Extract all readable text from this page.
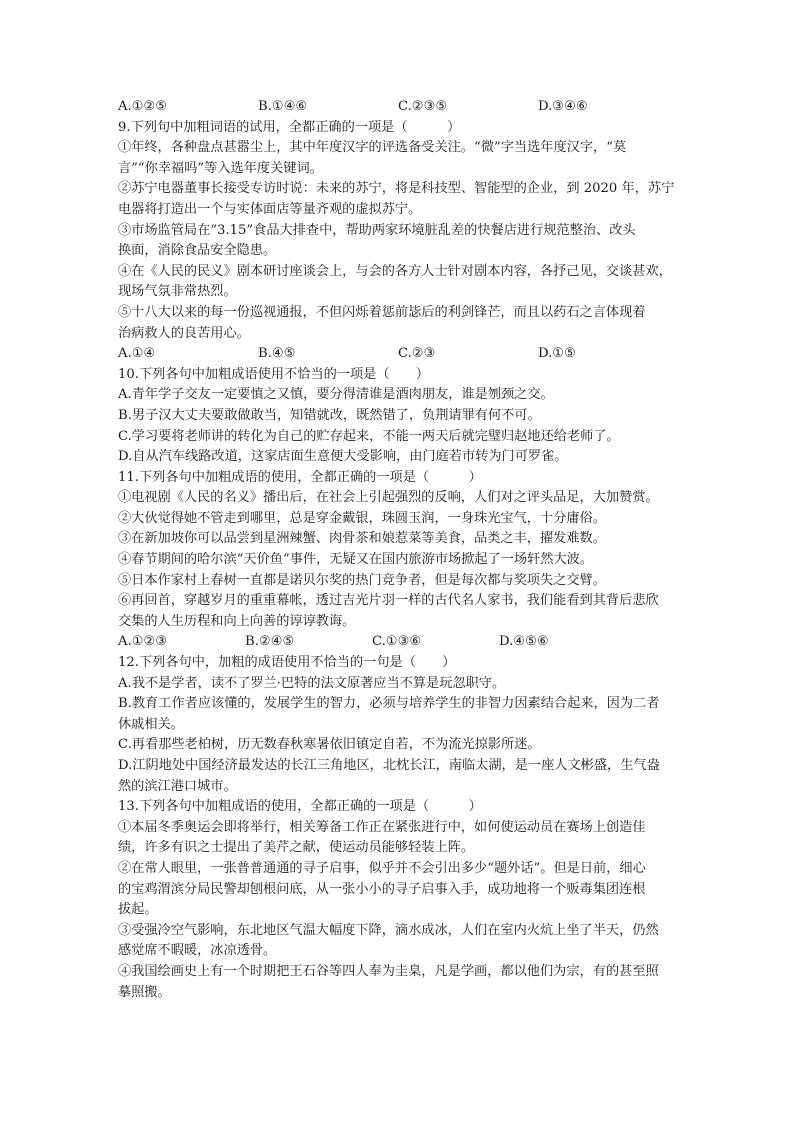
A.①②⑤	B.①④⑥	C.②③⑤	D.③④⑥
9.下列句中加粗词语的试用，全都正确的一项是（　　　）
①年终，各种盘点甚嚣尘上，其中年度汉字的评选备受关注。“微”字当选年度汉字，“莫
言”“你幸福吗”等入选年度关键词。
②苏宁电器董事长接受专访时说：未来的苏宁，将是科技型、智能型的企业，到 2020 年，苏宁
电器将打造出一个与实体面店等量齐观的虚拟苏宁。
③市场监管局在“3.15”食品大排查中，帮助两家环境脏乱差的快餐店进行规范整治、改头
换面，消除食品安全隐患。
④在《人民的民义》剧本研讨座谈会上，与会的各方人士针对剧本内容，各抒己见，交谈甚欢，
现场气氛非常热烈。
⑤十八大以来的每一份巡视通报，不但闪烁着惩前毖后的利剑锋芒，而且以药石之言体现着
治病救人的良苦用心。
A.①④	B.④⑤	C.②③	D.①⑤
10.下列各句中加粗成语使用不恰当的一项是（　　）
A.青年学子交友一定要慎之又慎，要分得清谁是酒肉朋友，谁是刎颈之交。
B.男子汉大丈夫要敢做敢当，知错就改，既然错了，负荆请罪有何不可。
C.学习要将老师讲的转化为自己的贮存起来，不能一两天后就完璧归赵地还给老师了。
D.自从汽车线路改道，这家店面生意便大受影响，由门庭若市转为门可罗雀。
11.下列各句中加粗成语的使用，全都正确的一项是（　　　）
①电视剧《人民的名义》播出后，在社会上引起强烈的反响，人们对之评头品足，大加赞赏。
②大伙觉得她不管走到哪里，总是穿金戴银，珠圆玉润，一身珠光宝气，十分庸俗。
③在新加坡你可以品尝到星洲辣蟹、肉骨茶和娘惹菜等美食，品类之丰，擢发难数。
④春节期间的哈尔滨“天价鱼”事件，无疑又在国内旅游市场掀起了一场轩然大波。
⑤日本作家村上春树一直都是诺贝尔奖的热门竞争者，但是每次都与奖项失之交臂。
⑥再回首，穿越岁月的重重幕帐，透过吉光片羽一样的古代名人家书，我们能看到其背后悲欣
交集的人生历程和向上向善的谆谆教诲。
A.①②③	B.②④⑤	C.①③⑥	D.④⑤⑥
12.下列各句中，加粗的成语使用不恰当的一句是（　　）
A.我不是学者，读不了罗兰·巴特的法文原著应当不算是玩忽职守。
B.教育工作者应该懂的，发展学生的智力，必须与培养学生的非智力因素结合起来，因为二者
休戚相关。
C.再看那些老柏树，历无数春秋寒暑依旧镇定自若，不为流光掠影所迷。
D.江阴地处中国经济最发达的长江三角地区，北枕长江，南临太湖，是一座人文彬盛，生气盎
然的滨江港口城市。
13.下列各句中加粗成语的使用，全都正确的一项是（　　　）
①本届冬季奥运会即将举行，相关筹备工作正在紧张进行中，如何使运动员在赛场上创造佳
绩，许多有识之士提出了美芹之献，使运动员能够轻装上阵。
②在常人眼里，一张普普通通的寻子启事，似乎并不会引出多少“题外话”。但是日前，细心
的宝鸡渭滨分局民警却刨根问底，从一张小小的寻子启事入手，成功地将一个贩毒集团连根
拔起。
③受强冷空气影响，东北地区气温大幅度下降，滴水成冰，人们在室内火炕上坐了半天，仍然
感觉席不暇暖，冰凉透骨。
④我国绘画史上有一个时期把王石谷等四人奉为圭臬，凡是学画，都以他们为宗，有的甚至照
摹照搬。
